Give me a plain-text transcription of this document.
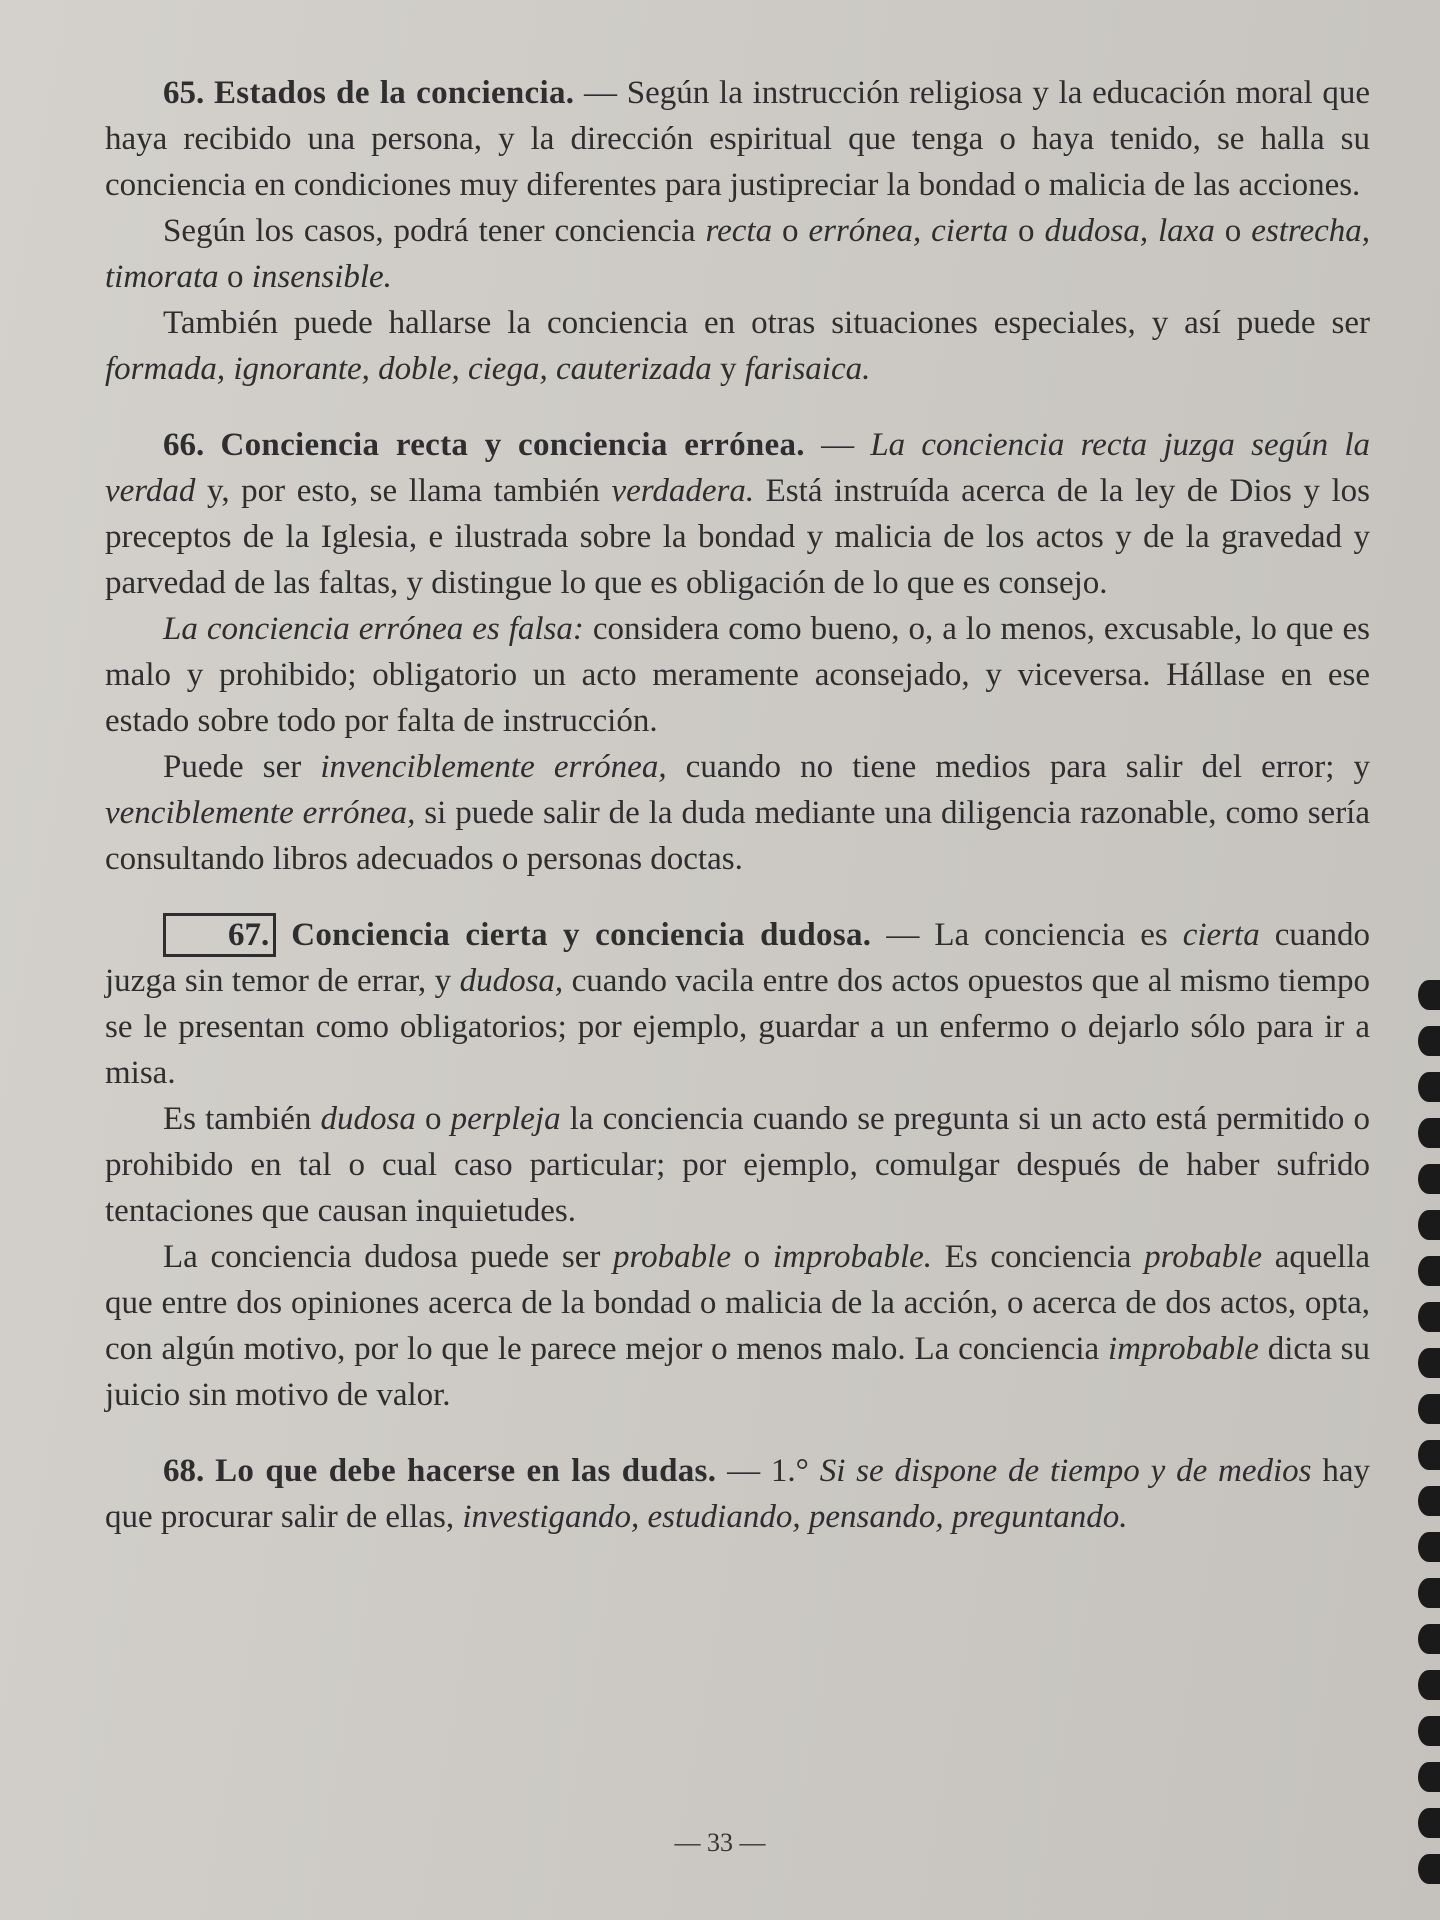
65. Estados de la conciencia. — Según la instrucción religiosa y la educación moral que haya recibido una persona, y la dirección espiritual que tenga o haya tenido, se halla su conciencia en condiciones muy diferentes para justipreciar la bondad o malicia de las acciones.

Según los casos, podrá tener conciencia recta o errónea, cierta o dudosa, laxa o estrecha, timorata o insensible.

También puede hallarse la conciencia en otras situaciones especiales, y así puede ser formada, ignorante, doble, ciega, cauterizada y farisaica.

66. Conciencia recta y conciencia errónea. — La conciencia recta juzga según la verdad y, por esto, se llama también verdadera. Está instruída acerca de la ley de Dios y los preceptos de la Iglesia, e ilustrada sobre la bondad y malicia de los actos y de la gravedad y parvedad de las faltas, y distingue lo que es obligación de lo que es consejo.

La conciencia errónea es falsa: considera como bueno, o, a lo menos, excusable, lo que es malo y prohibido; obligatorio un acto meramente aconsejado, y viceversa. Hállase en ese estado sobre todo por falta de instrucción.

Puede ser invenciblemente errónea, cuando no tiene medios para salir del error; y venciblemente errónea, si puede salir de la duda mediante una diligencia razonable, como sería consultando libros adecuados o personas doctas.

67. Conciencia cierta y conciencia dudosa. — La conciencia es cierta cuando juzga sin temor de errar, y dudosa, cuando vacila entre dos actos opuestos que al mismo tiempo se le presentan como obligatorios; por ejemplo, guardar a un enfermo o dejarlo sólo para ir a misa.

Es también dudosa o perpleja la conciencia cuando se pregunta si un acto está permitido o prohibido en tal o cual caso particular; por ejemplo, comulgar después de haber sufrido tentaciones que causan inquietudes.

La conciencia dudosa puede ser probable o improbable. Es conciencia probable aquella que entre dos opiniones acerca de la bondad o malicia de la acción, o acerca de dos actos, opta, con algún motivo, por lo que le parece mejor o menos malo. La conciencia improbable dicta su juicio sin motivo de valor.

68. Lo que debe hacerse en las dudas. — 1.° Si se dispone de tiempo y de medios hay que procurar salir de ellas, investigando, estudiando, pensando, preguntando.

— 33 —
